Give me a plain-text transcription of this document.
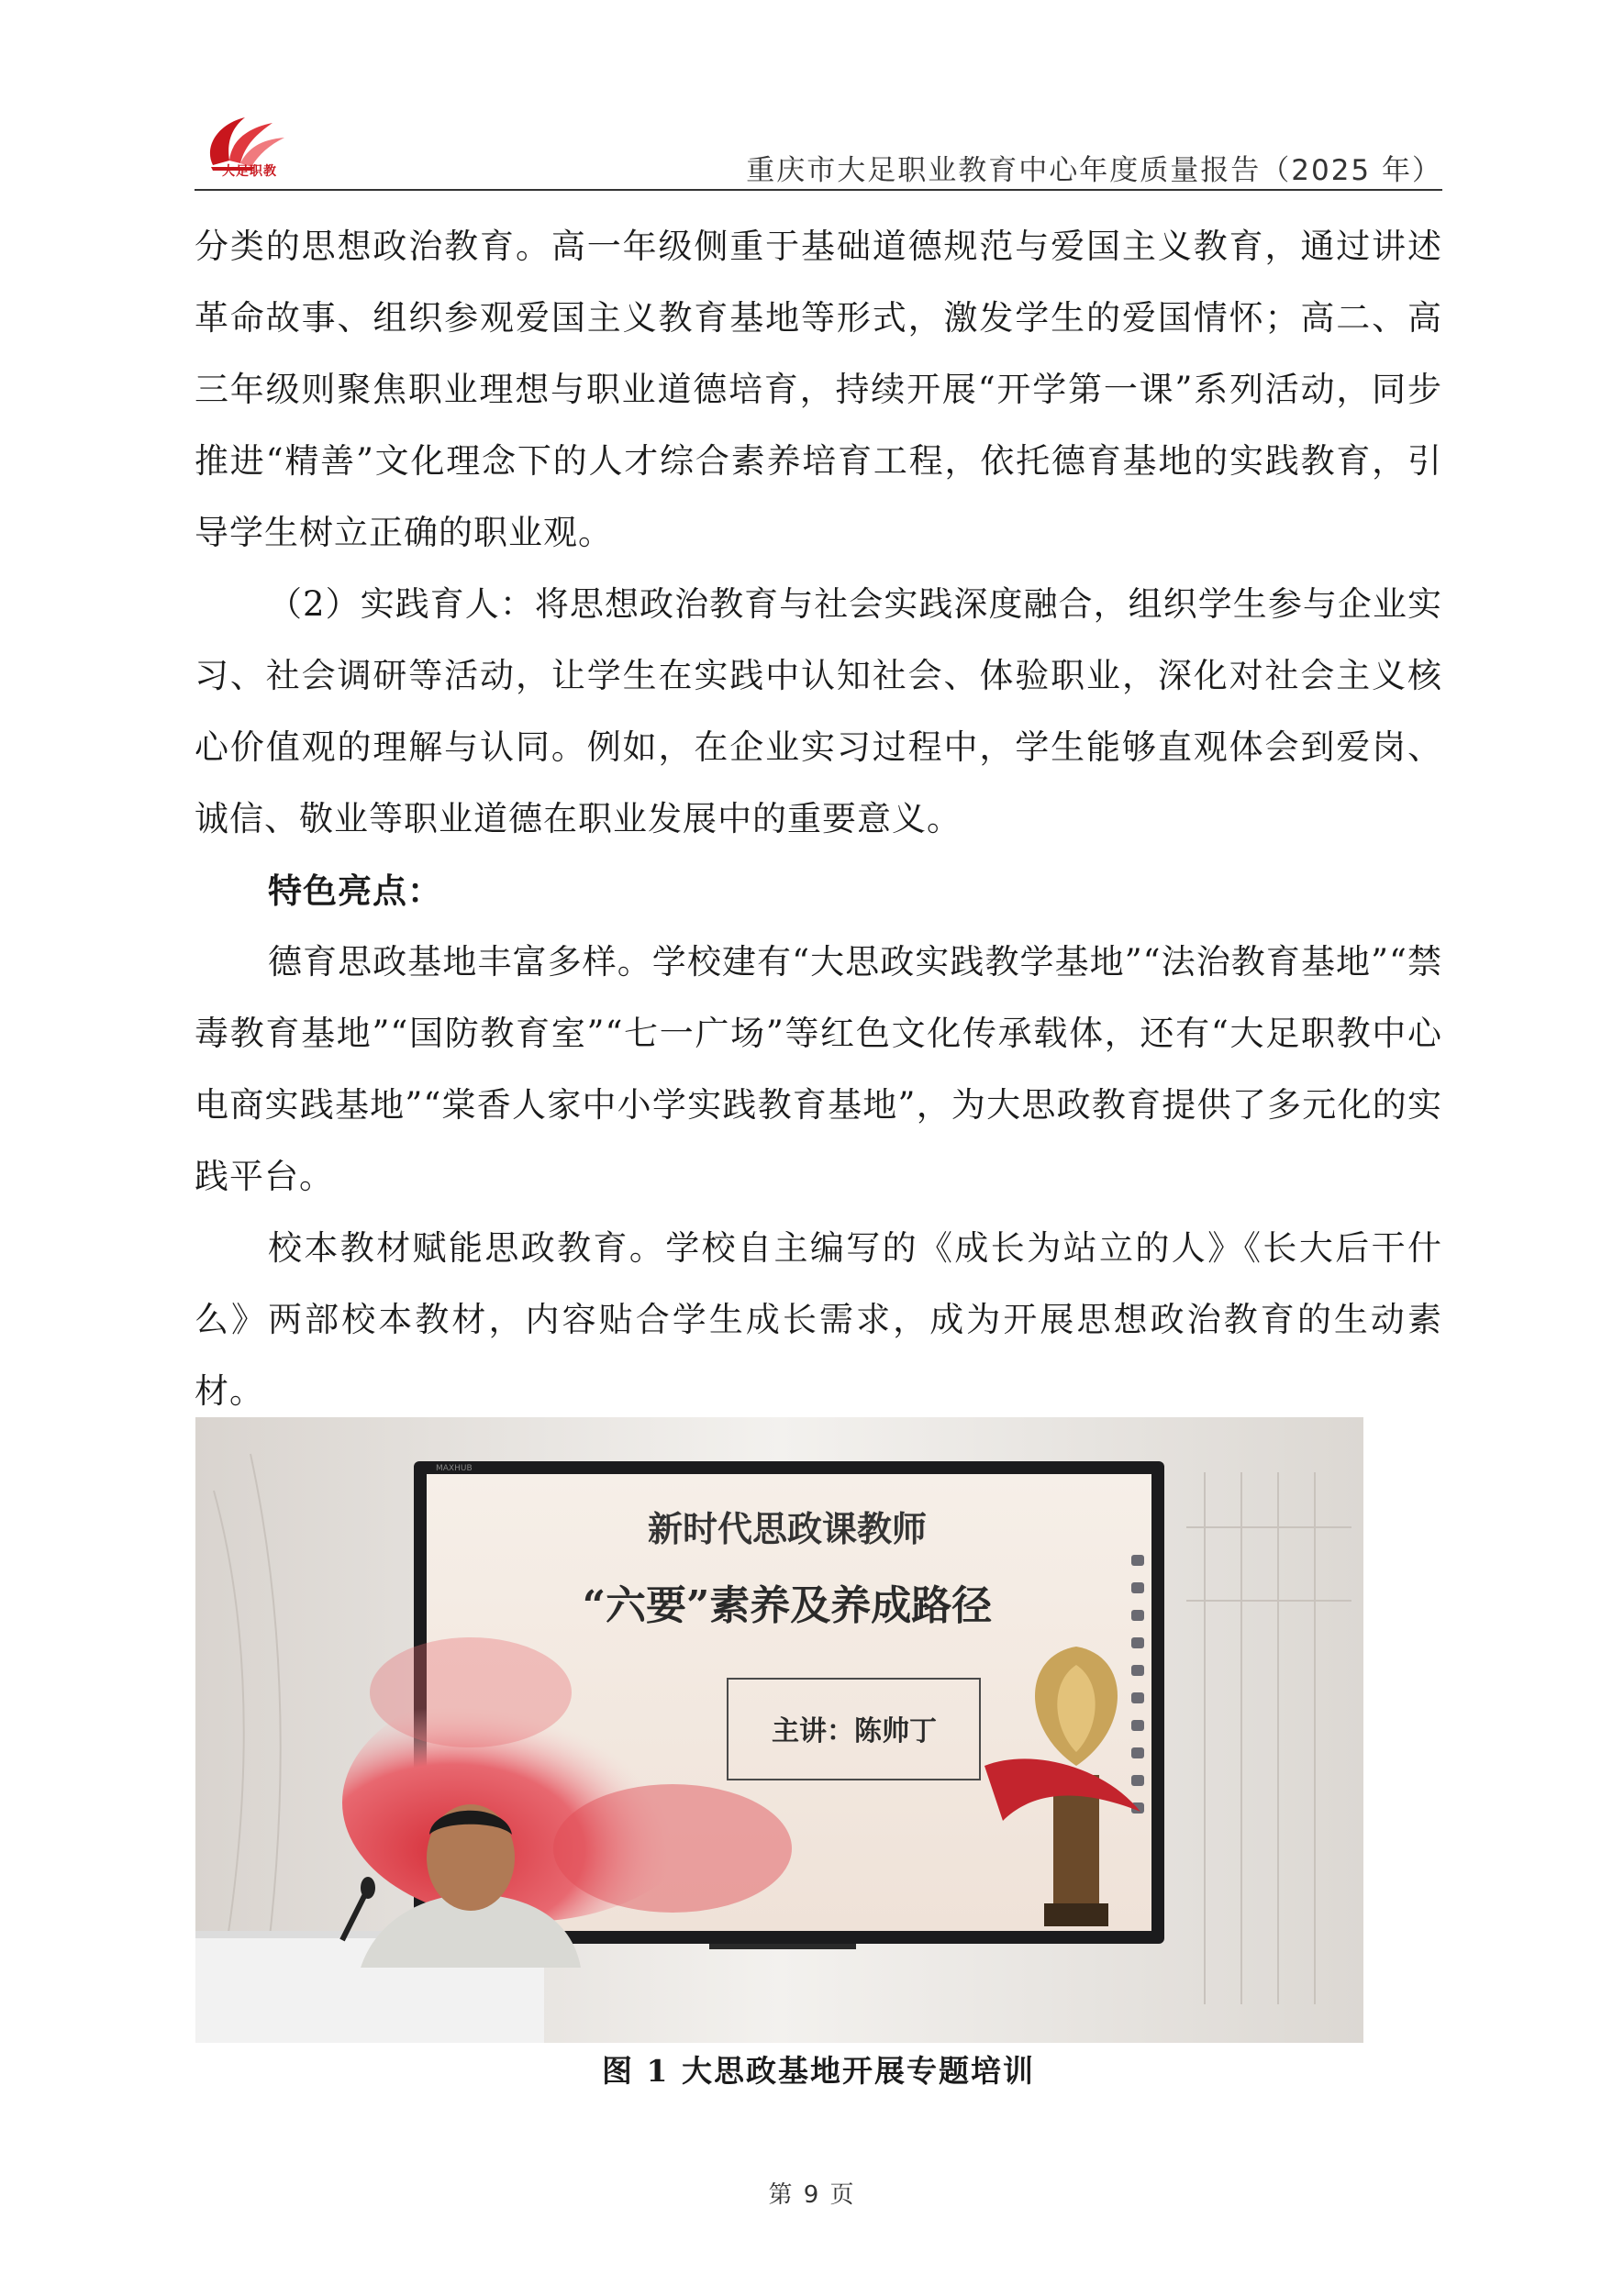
大足职教	重庆市大足职业教育中心年度质量报告（2025 年）

分类的思想政治教育。高一年级侧重于基础道德规范与爱国主义教育，通过讲述革命故事、组织参观爱国主义教育基地等形式，激发学生的爱国情怀；高二、高三年级则聚焦职业理想与职业道德培育，持续开展“开学第一课”系列活动，同步推进“精善”文化理念下的人才综合素养培育工程，依托德育基地的实践教育，引导学生树立正确的职业观。

（2）实践育人：将思想政治教育与社会实践深度融合，组织学生参与企业实习、社会调研等活动，让学生在实践中认知社会、体验职业，深化对社会主义核心价值观的理解与认同。例如，在企业实习过程中，学生能够直观体会到爱岗、诚信、敬业等职业道德在职业发展中的重要意义。

特色亮点：

德育思政基地丰富多样。学校建有“大思政实践教学基地”“法治教育基地”“禁毒教育基地”“国防教育室”“七一广场”等红色文化传承载体，还有“大足职教中心电商实践基地”“棠香人家中小学实践教育基地”，为大思政教育提供了多元化的实践平台。

校本教材赋能思政教育。学校自主编写的《成长为站立的人》《长大后干什么》两部校本教材，内容贴合学生成长需求，成为开展思想政治教育的生动素材。

新时代思政课教师
“六要”素养及养成路径
主讲：陈帅丁
MAXHUB
图 1 大思政基地开展专题培训
第 9 页
